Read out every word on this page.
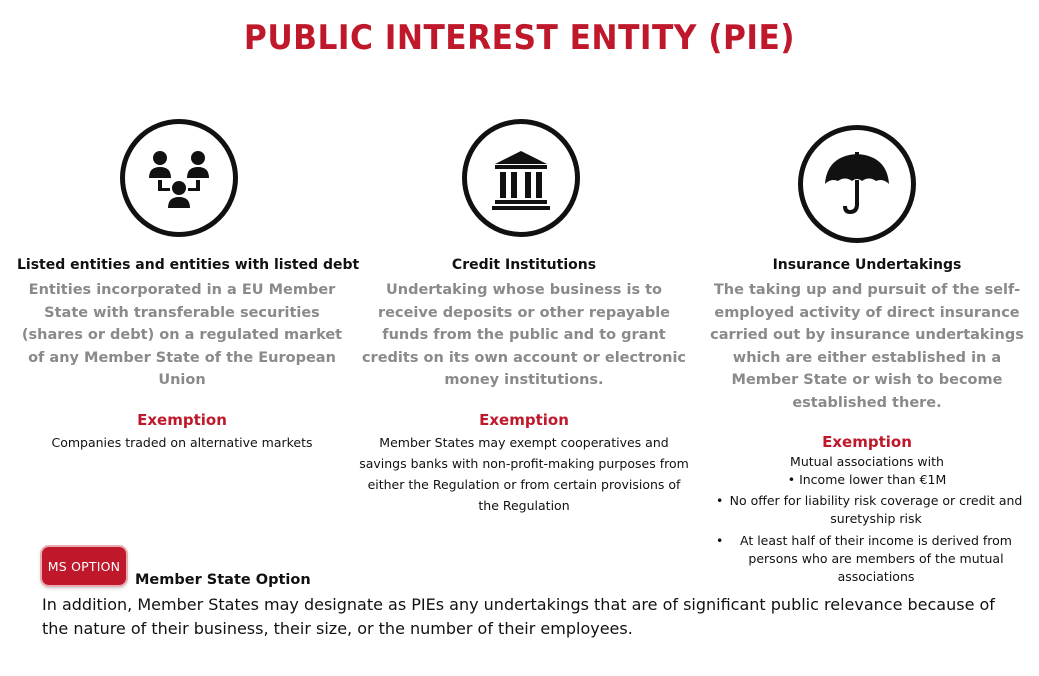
PUBLIC INTEREST ENTITY (PIE)
Listed entities and entities with listed debt
Entities incorporated in a EU Member State with transferable securities (shares or debt) on a regulated market of any Member State of the European Union
Exemption
Companies traded on alternative markets
Credit Institutions
Undertaking whose business is to receive deposits or other repayable funds from the public and to grant credits on its own account or electronic money institutions.
Exemption
Member States may exempt cooperatives and savings banks with non-profit-making purposes from either the Regulation or from certain provisions of the Regulation
Insurance Undertakings
The taking up and pursuit of the self-employed activity of direct insurance carried out by insurance undertakings which are either established in a Member State or wish to become established there.
Exemption
Mutual associations with
• Income lower than €1M
• No offer for liability risk coverage or credit and suretyship risk
• At least half of their income is derived from persons who are members of the mutual associations
MS OPTION
Member State Option
In addition, Member States may designate as PIEs any undertakings that are of significant public relevance because of the nature of their business, their size, or the number of their employees.
